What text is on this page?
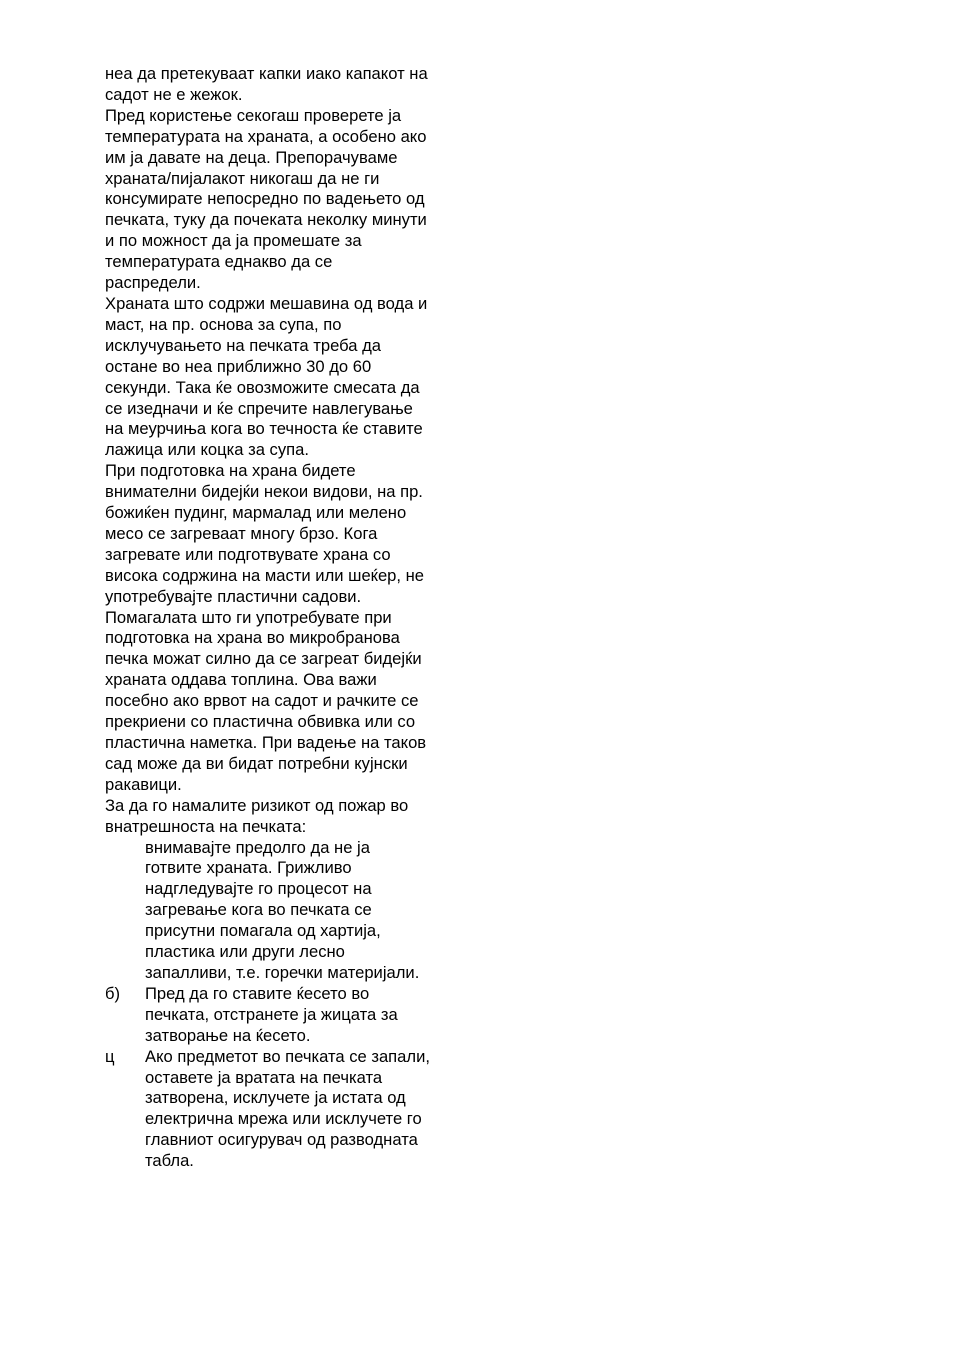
неа да претекуваат капки иако капакот на
садот не е жежок.

Пред користење секогаш проверете ја
температурата на храната, а особено ако
им ја давате на деца. Препорачуваме
храната/пијалакот никогаш да не ги
консумирате непосредно по вадењето од
печката, туку да почеката неколку минути
и по можност да ја промешате за
температурата еднакво да се
распредели.

Храната што содржи мешавина од вода и
маст, на пр. основа за супа, по
исклучувањето на печката треба да
остане во неа приближно 30 до 60
секунди. Така ќе овозможите смесата да
се изедначи и ќе спречите навлегување
на меурчиња кога во течноста ќе ставите
лажица или коцка за супа.

При подготовка на храна бидете
внимателни бидејќи некои видови, на пр.
божиќен пудинг, мармалад или мелено
месо се загреваат многу брзо. Кога
загревате или подготвувате храна со
висока содржина на масти или шеќер, не
употребувајте пластични садови.

Помагалата што ги употребувате при
подготовка на храна во микробранова
печка можат силно да се загреат бидејќи
храната оддава топлина. Ова важи
посебно ако врвот на садот и рачките се
прекриени со пластична обвивка или со
пластична наметка. При вадење на таков
сад може да ви бидат потребни кујнски
ракавици.

За да го намалите ризикот од пожар во
внатрешноста на печката:

внимавајте предолго да не ја
готвите храната. Грижливо
надгледувајте го процесот на
загревање кога во печката се
присутни помагала од хартија,
пластика или други лесно
запалливи, т.е. горечки материјали.
б)	Пред да го ставите ќесето во
печката, отстранете ја жицата за
затворање на ќесето.
ц	Ако предметот во печката се запали,
оставете ја вратата на печката
затворена, исклучете ја истата од
електрична мрежа или исклучете го
главниот осигурувач од разводната
табла.
